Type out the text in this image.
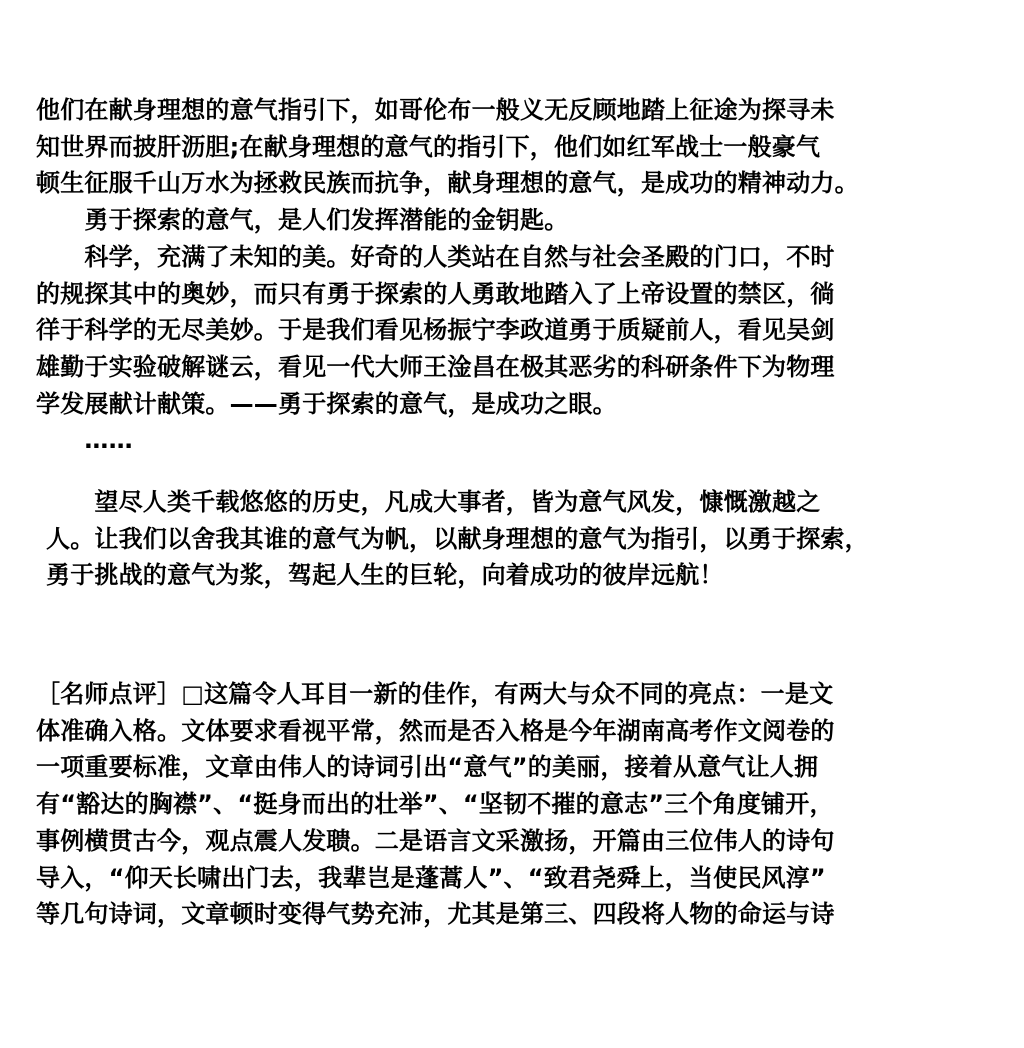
他们在献身理想的意气指引下，如哥伦布一般义无反顾地踏上征途为探寻未
知世界而披肝沥胆;在献身理想的意气的指引下，他们如红军战士一般豪气
顿生征服千山万水为拯救民族而抗争，献身理想的意气，是成功的精神动力。
　　勇于探索的意气，是人们发挥潜能的金钥匙。
　　科学，充满了未知的美。好奇的人类站在自然与社会圣殿的门口，不时
的规探其中的奥妙，而只有勇于探索的人勇敢地踏入了上帝设置的禁区，徜
徉于科学的无尽美妙。于是我们看见杨振宁李政道勇于质疑前人，看见吴剑
雄勤于实验破解谜云，看见一代大师王淦昌在极其恶劣的科研条件下为物理
学发展献计献策。——勇于探索的意气，是成功之眼。
　　……
　　望尽人类千载悠悠的历史，凡成大事者，皆为意气风发，慷慨激越之
人。让我们以舍我其谁的意气为帆，以献身理想的意气为指引，以勇于探索，
勇于挑战的意气为浆，驾起人生的巨轮，向着成功的彼岸远航！
［名师点评］□这篇令人耳目一新的佳作，有两大与众不同的亮点：一是文
体准确入格。文体要求看视平常，然而是否入格是今年湖南高考作文阅卷的
一项重要标准，文章由伟人的诗词引出“意气”的美丽，接着从意气让人拥
有“豁达的胸襟”、“挺身而出的壮举”、“坚韧不摧的意志”三个角度铺开，
事例横贯古今，观点震人发聩。二是语言文采激扬，开篇由三位伟人的诗句
导入，“仰天长啸出门去，我辈岂是蓬蒿人”、“致君尧舜上，当使民风淳”
等几句诗词，文章顿时变得气势充沛，尤其是第三、四段将人物的命运与诗
